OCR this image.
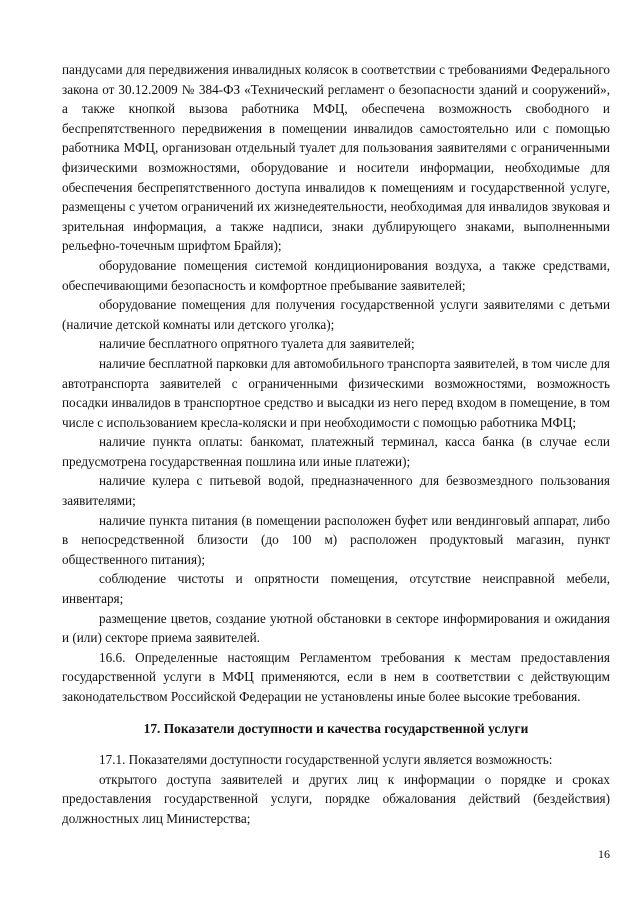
пандусами для передвижения инвалидных колясок в соответствии с требованиями Федерального закона от 30.12.2009 № 384-ФЗ «Технический регламент о безопасности зданий и сооружений», а также кнопкой вызова работника МФЦ, обеспечена возможность свободного и беспрепятственного передвижения в помещении инвалидов самостоятельно или с помощью работника МФЦ, организован отдельный туалет для пользования заявителями с ограниченными физическими возможностями, оборудование и носители информации, необходимые для обеспечения беспрепятственного доступа инвалидов к помещениям и государственной услуге, размещены с учетом ограничений их жизнедеятельности, необходимая для инвалидов звуковая и зрительная информация, а также надписи, знаки дублирующего знаками, выполненными рельефно-точечным шрифтом Брайля);

оборудование помещения системой кондиционирования воздуха, а также средствами, обеспечивающими безопасность и комфортное пребывание заявителей;

оборудование помещения для получения государственной услуги заявителями с детьми (наличие детской комнаты или детского уголка);

наличие бесплатного опрятного туалета для заявителей;

наличие бесплатной парковки для автомобильного транспорта заявителей, в том числе для автотранспорта заявителей с ограниченными физическими возможностями, возможность посадки инвалидов в транспортное средство и высадки из него перед входом в помещение, в том числе с использованием кресла-коляски и при необходимости с помощью работника МФЦ;

наличие пункта оплаты: банкомат, платежный терминал, касса банка (в случае если предусмотрена государственная пошлина или иные платежи);

наличие кулера с питьевой водой, предназначенного для безвозмездного пользования заявителями;

наличие пункта питания (в помещении расположен буфет или вендинговый аппарат, либо в непосредственной близости (до 100 м) расположен продуктовый магазин, пункт общественного питания);

соблюдение чистоты и опрятности помещения, отсутствие неисправной мебели, инвентаря;

размещение цветов, создание уютной обстановки в секторе информирования и ожидания и (или) секторе приема заявителей.

16.6. Определенные настоящим Регламентом требования к местам предоставления государственной услуги в МФЦ применяются, если в нем в соответствии с действующим законодательством Российской Федерации не установлены иные более высокие требования.

17. Показатели доступности и качества государственной услуги

17.1. Показателями доступности государственной услуги является возможность:

открытого доступа заявителей и других лиц к информации о порядке и сроках предоставления государственной услуги, порядке обжалования действий (бездействия) должностных лиц Министерства;

16
